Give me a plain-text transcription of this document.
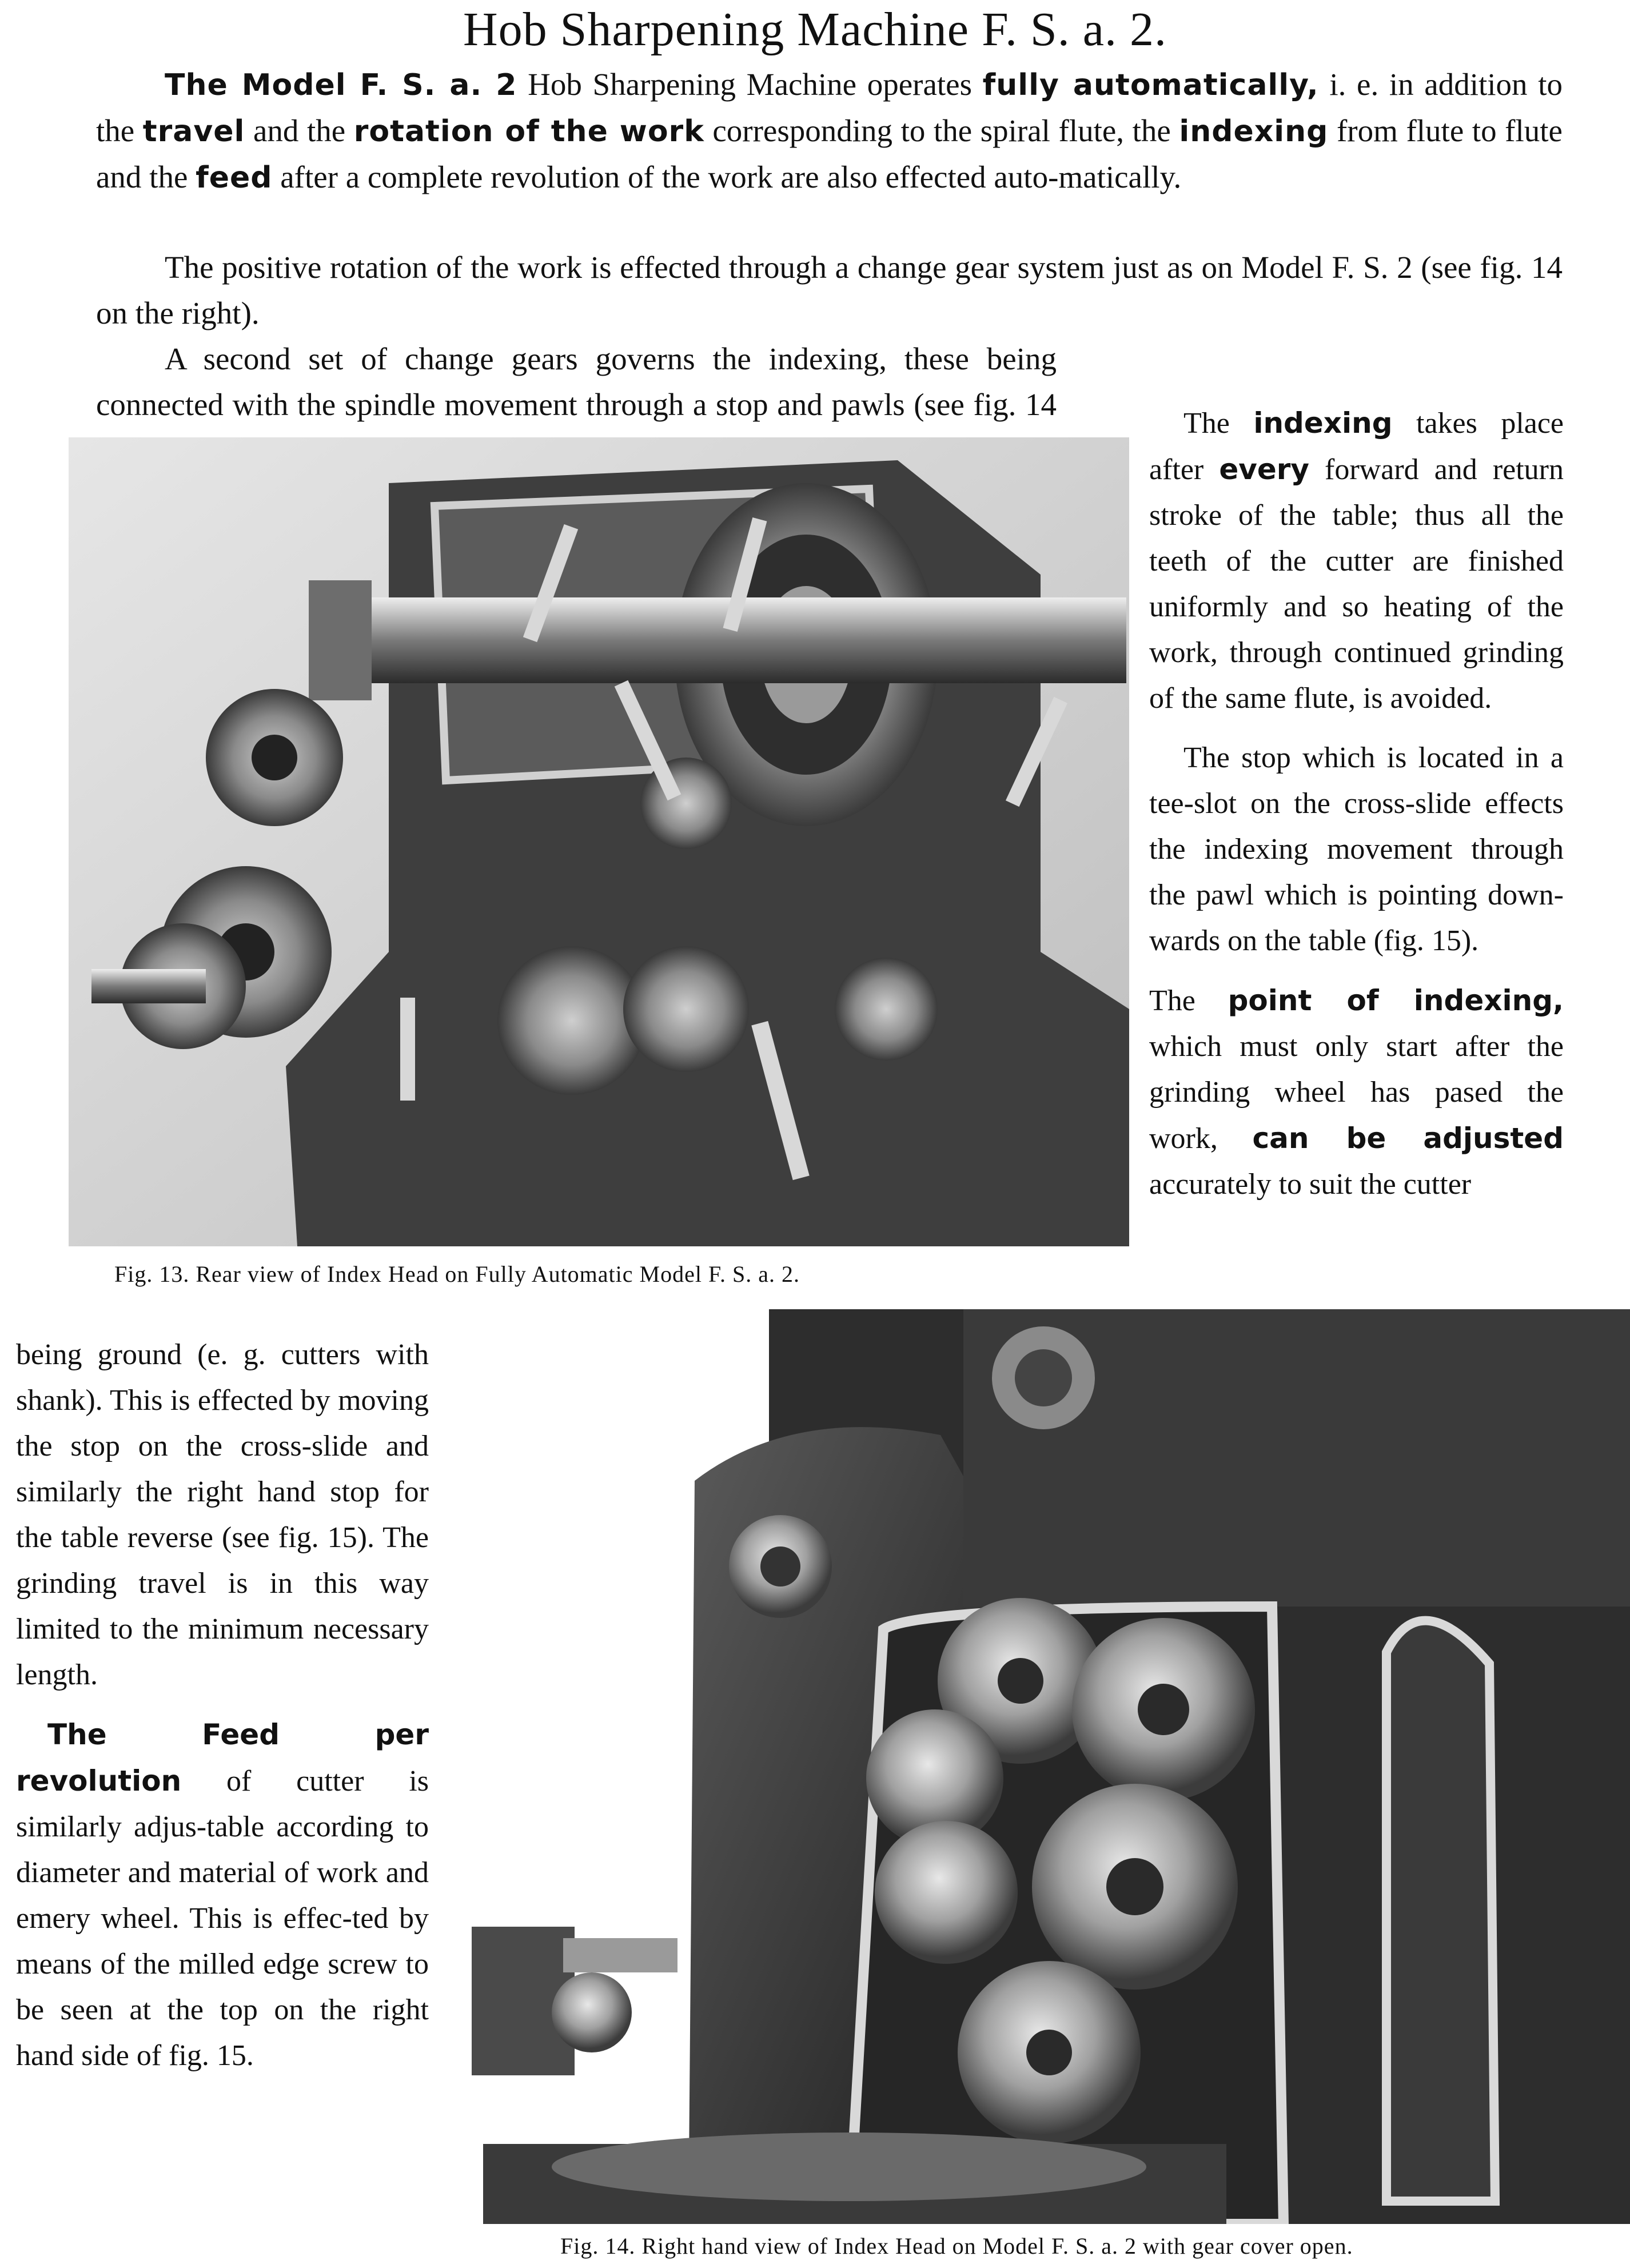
Hob Sharpening Machine F. S. a. 2.
The Model F. S. a. 2 Hob Sharpening Machine operates fully automatically, i. e. in addition to the travel and the rotation of the work corresponding to the spiral flute, the indexing from flute to flute and the feed after a complete revolution of the work are also effected auto-matically.
The positive rotation of the work is effected through a change gear system just as on Model F. S. 2 (see fig. 14 on the right).
A second set of change gears governs the indexing, these being connected with the spindle movement through a stop and pawls (see fig. 14
Fig. 13. Rear view of Index Head on Fully Automatic Model F. S. a. 2.

The indexing takes place after every forward and return stroke of the table; thus all the teeth of the cutter are finished uniformly and so heating of the work, through continued grinding of the same flute, is avoided.

The stop which is located in a tee-slot on the cross-slide effects the indexing movement through the pawl which is pointing down-wards on the table (fig. 15).

The point of indexing, which must only start after the grinding wheel has pased the work, can be adjusted accurately to suit the cutter

being ground (e. g. cutters with shank). This is effected by moving the stop on the cross-slide and similarly the right hand stop for the table reverse (see fig. 15). The grinding travel is in this way limited to the minimum necessary length.

The Feed per revolution of cutter is similarly adjus-table according to diameter and material of work and emery wheel. This is effec-ted by means of the milled edge screw to be seen at the top on the right hand side of fig. 15.

Fig. 14. Right hand view of Index Head on Model F. S. a. 2 with gear cover open.
